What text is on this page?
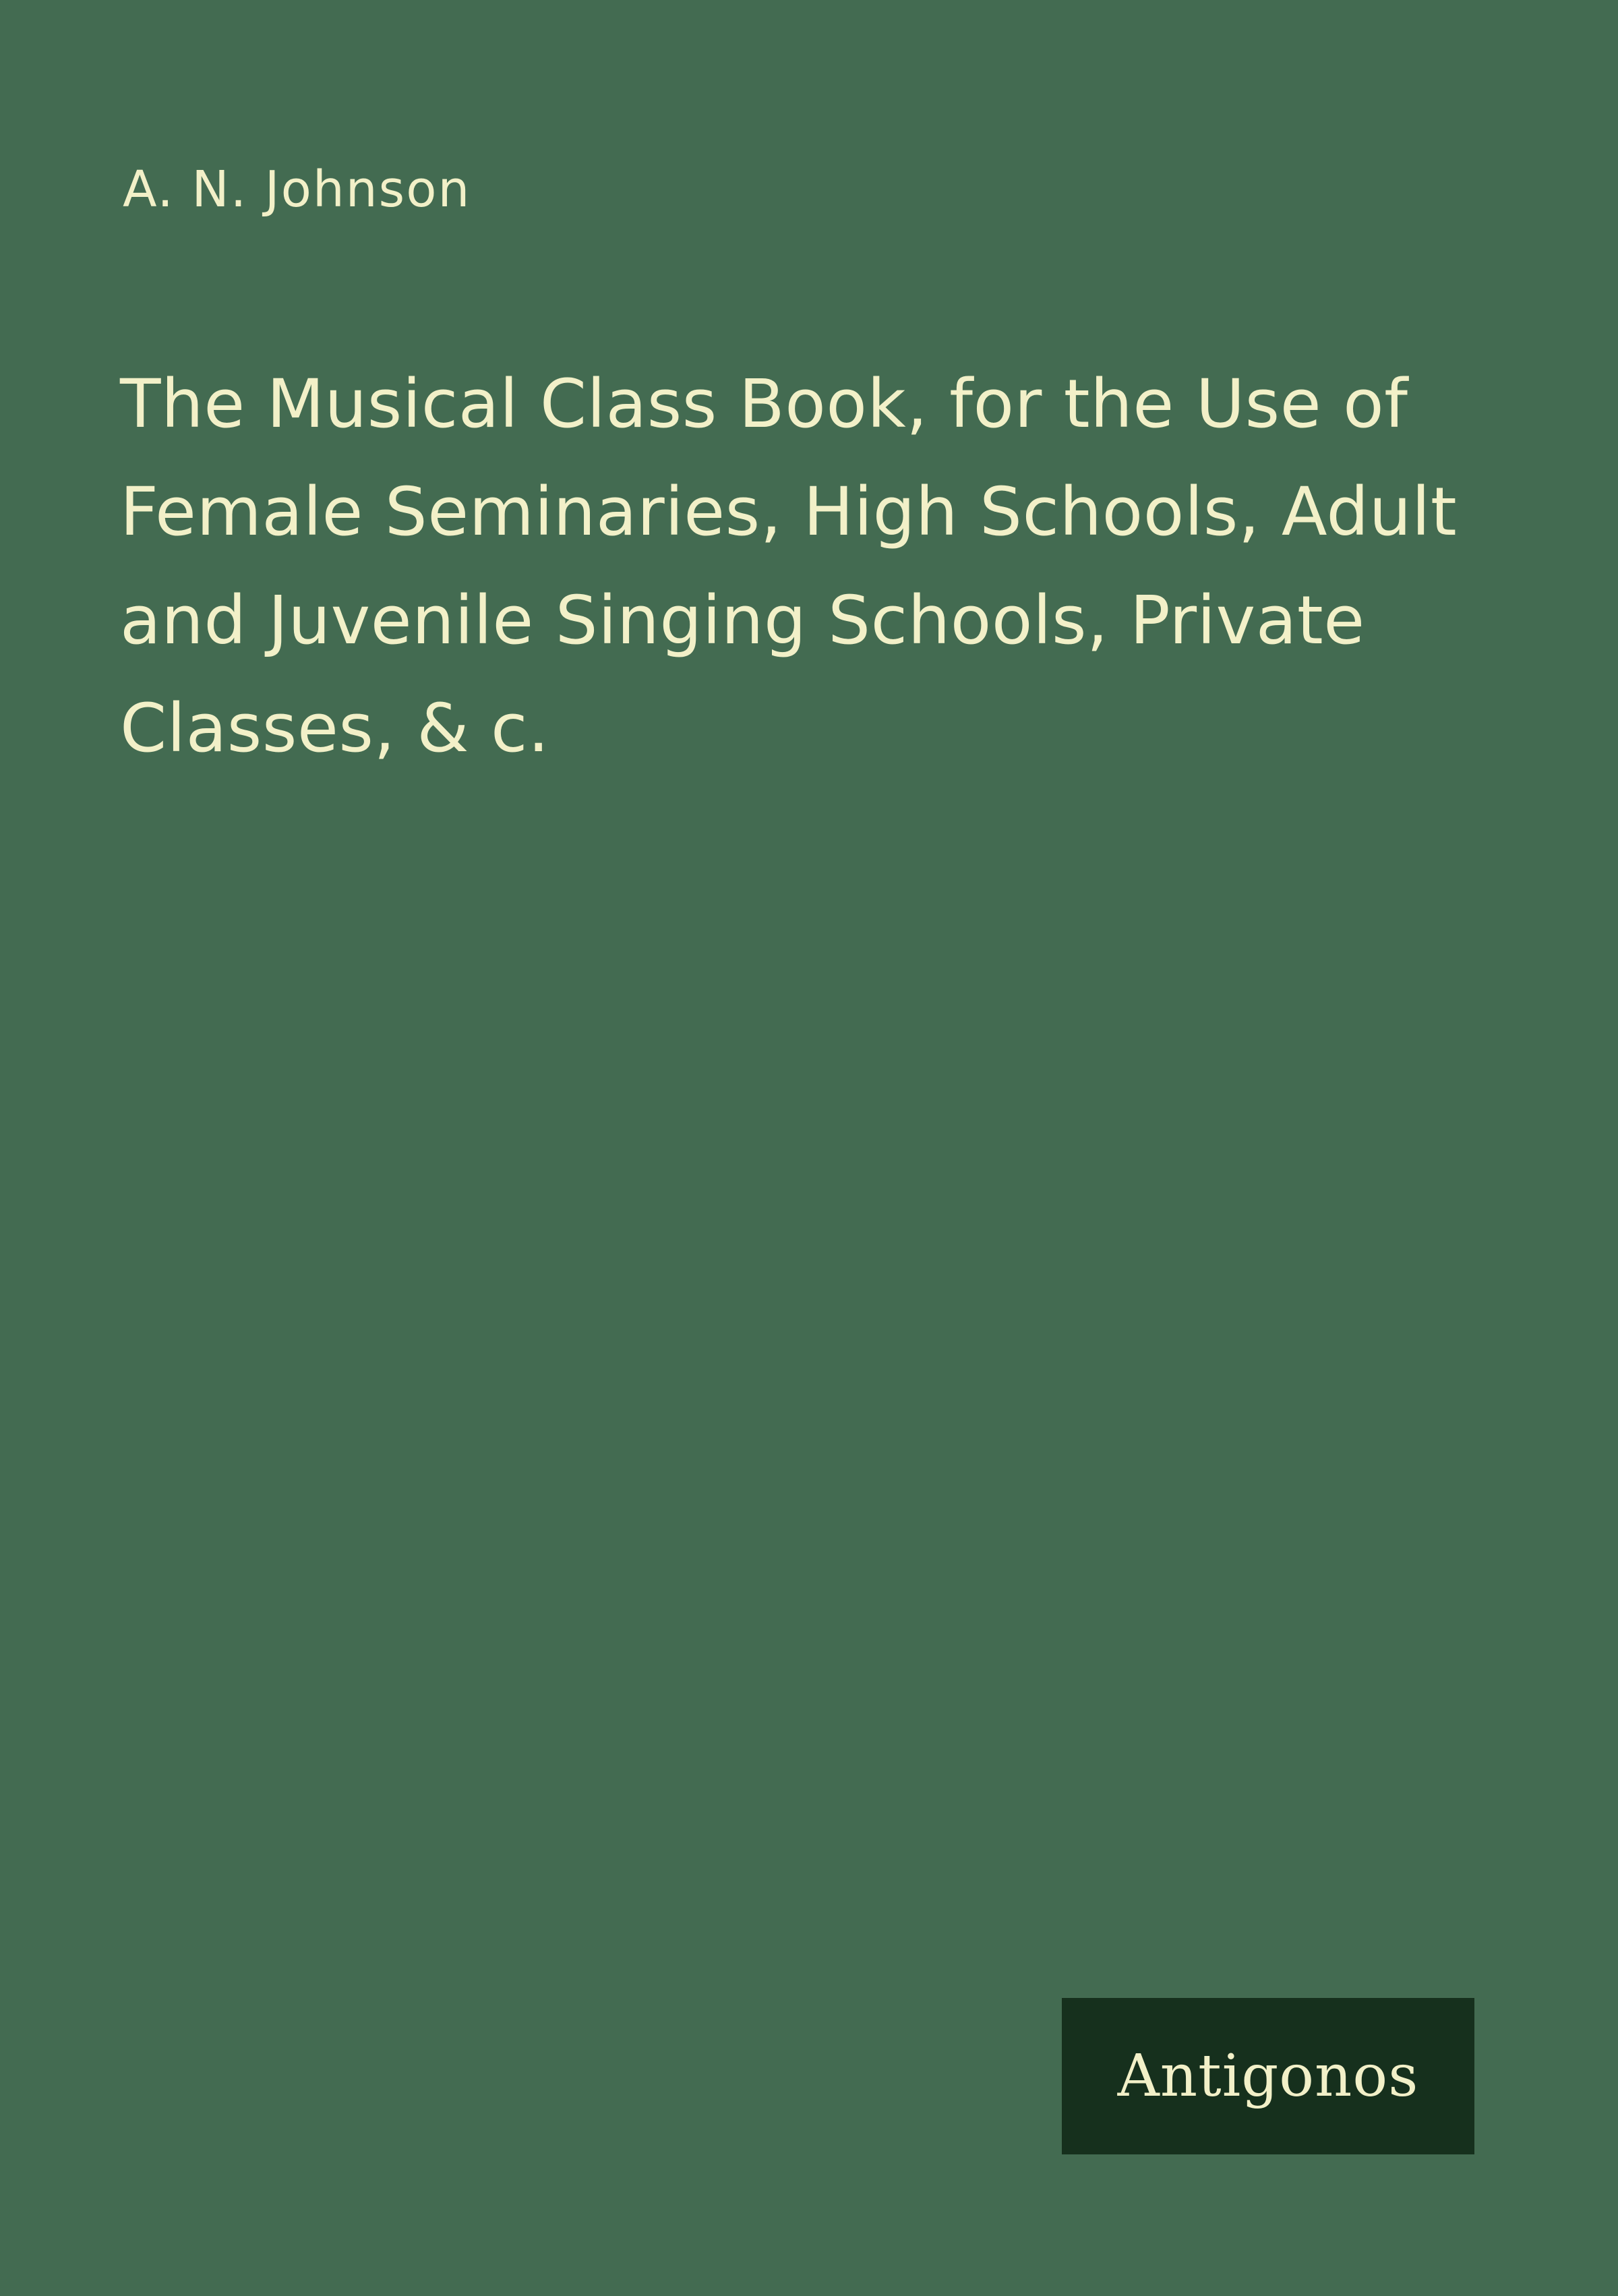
A. N. Johnson
The Musical Class Book, for the Use of Female Seminaries, High Schools, Adult and Juvenile Singing Schools, Private Classes, & c.
Antigonos
